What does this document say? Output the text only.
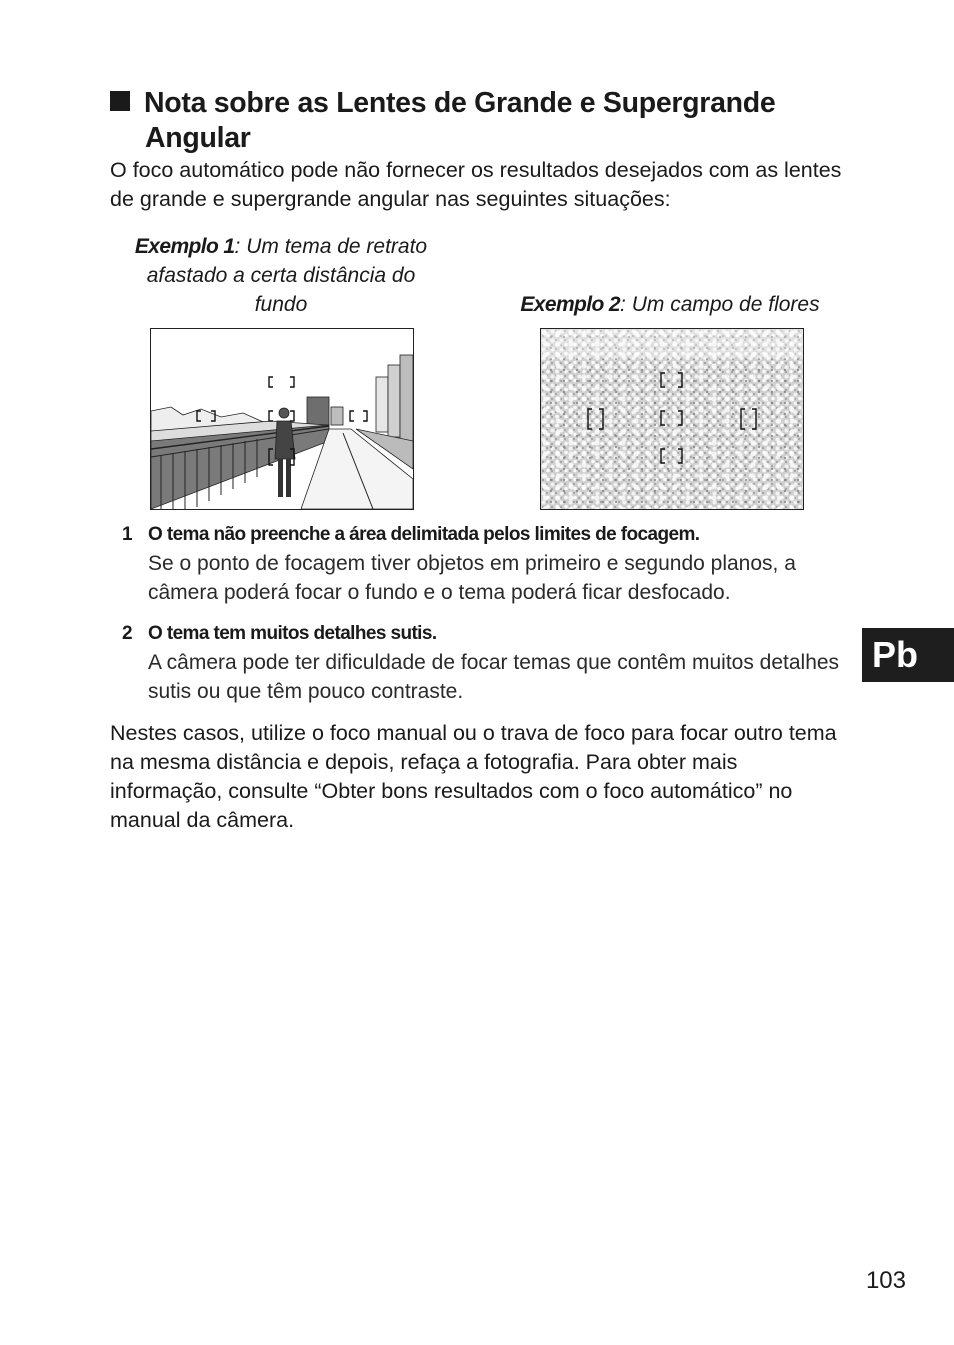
Nota sobre as Lentes de Grande e Supergrande
Angular
O foco automático pode não fornecer os resultados desejados com as lentes de grande e supergrande angular nas seguintes situações:
Exemplo 1: Um tema de retrato afastado a certa distância do fundo	Exemplo 2: Um campo de flores
1 O tema não preenche a área delimitada pelos limites de focagem.
Se o ponto de focagem tiver objetos em primeiro e segundo planos, a câmera poderá focar o fundo e o tema poderá ficar desfocado.
2 O tema tem muitos detalhes sutis.
A câmera pode ter dificuldade de focar temas que contêm muitos detalhes sutis ou que têm pouco contraste.
Nestes casos, utilize o foco manual ou o trava de foco para focar outro tema na mesma distância e depois, refaça a fotografia. Para obter mais informação, consulte “Obter bons resultados com o foco automático” no manual da câmera.
Pb
103
